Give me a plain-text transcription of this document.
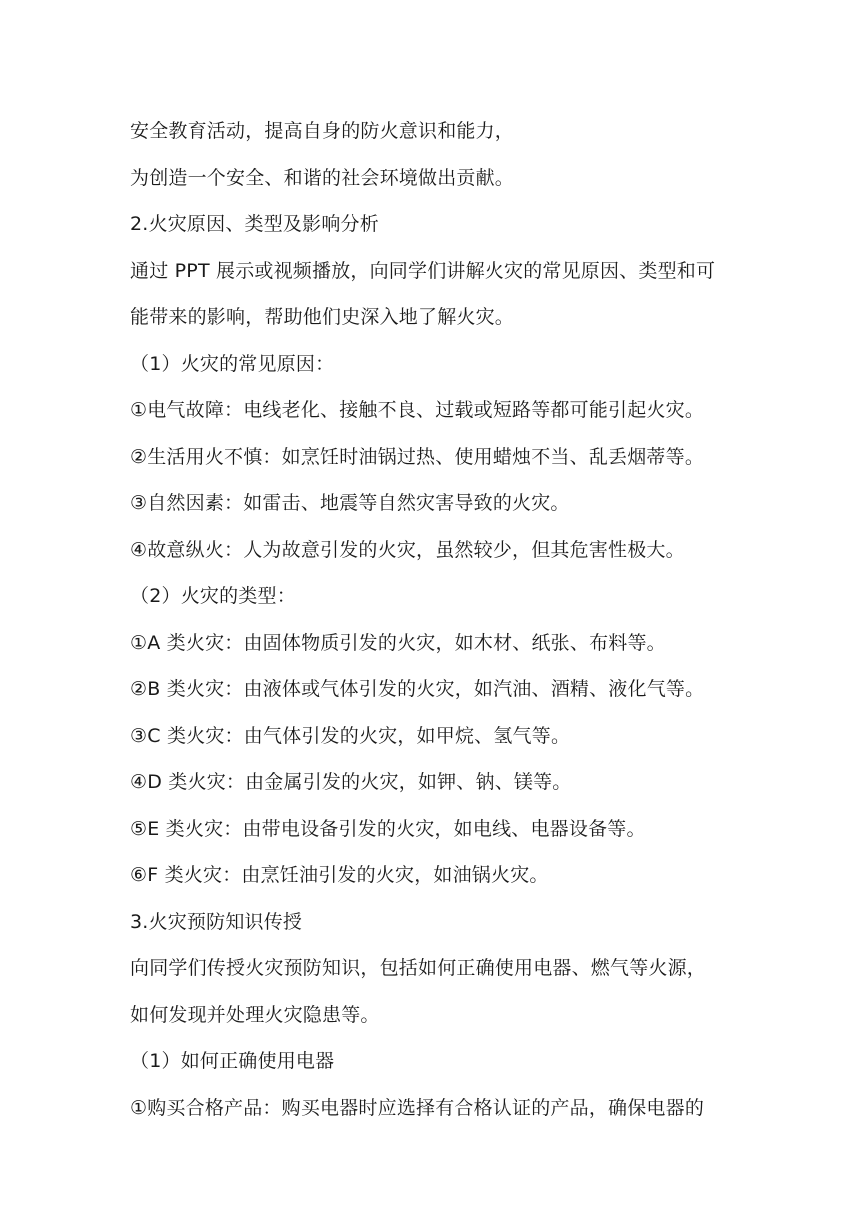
安全教育活动，提高自身的防火意识和能力，
为创造一个安全、和谐的社会环境做出贡献。
2.火灾原因、类型及影响分析
通过 PPT 展示或视频播放，向同学们讲解火灾的常见原因、类型和可
能带来的影响，帮助他们史深入地了解火灾。
（1）火灾的常见原因：
①电气故障：电线老化、接触不良、过载或短路等都可能引起火灾。
②生活用火不慎：如烹饪时油锅过热、使用蜡烛不当、乱丢烟蒂等。
③自然因素：如雷击、地震等自然灾害导致的火灾。
④故意纵火：人为故意引发的火灾，虽然较少，但其危害性极大。
（2）火灾的类型：
①A 类火灾：由固体物质引发的火灾，如木材、纸张、布料等。
②B 类火灾：由液体或气体引发的火灾，如汽油、酒精、液化气等。
③C 类火灾：由气体引发的火灾，如甲烷、氢气等。
④D 类火灾：由金属引发的火灾，如钾、钠、镁等。
⑤E 类火灾：由带电设备引发的火灾，如电线、电器设备等。
⑥F 类火灾：由烹饪油引发的火灾，如油锅火灾。
3.火灾预防知识传授
向同学们传授火灾预防知识，包括如何正确使用电器、燃气等火源，
如何发现并处理火灾隐患等。
（1）如何正确使用电器
①购买合格产品：购买电器时应选择有合格认证的产品，确保电器的
